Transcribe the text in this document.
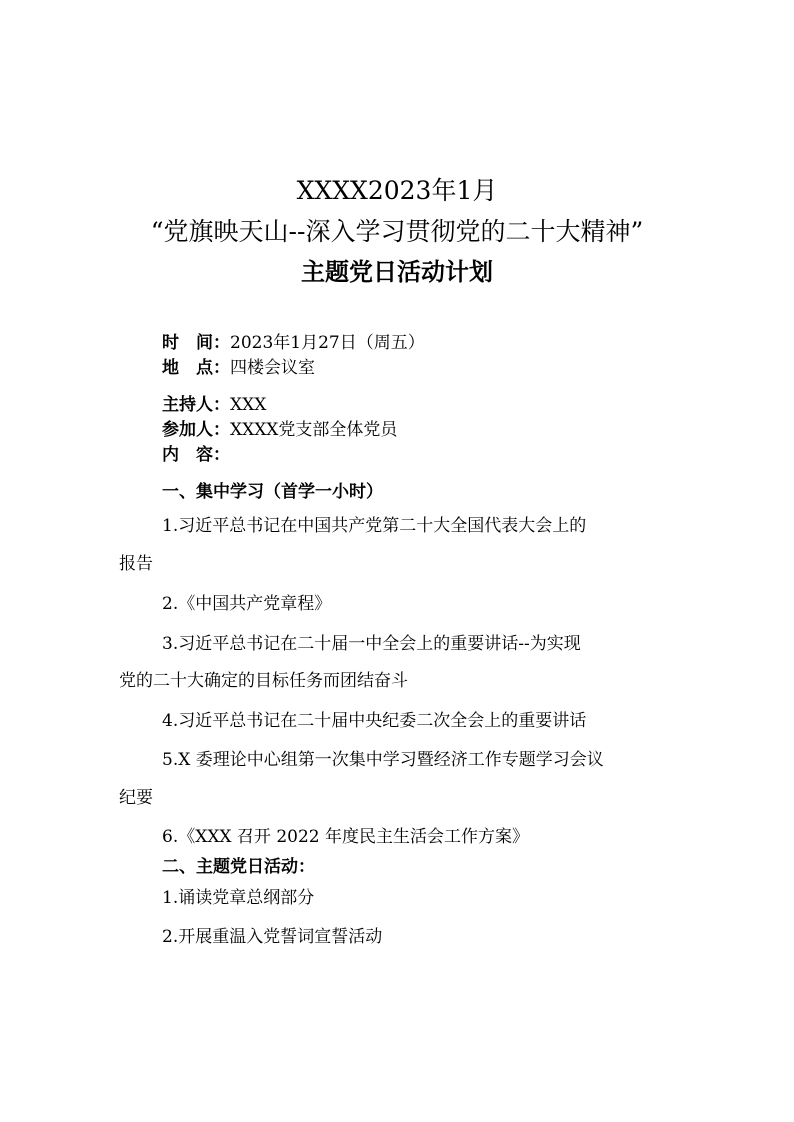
XXXX2023年1月
“党旗映天山--深入学习贯彻党的二十大精神”
主题党日活动计划
时　间：2023年1月27日（周五）
地　点：四楼会议室
主持人：XXX
参加人：XXXX党支部全体党员
内　容：
一、集中学习（首学一小时）
1.习近平总书记在中国共产党第二十大全国代表大会上的
报告
2.《中国共产党章程》
3.习近平总书记在二十届一中全会上的重要讲话--为实现
党的二十大确定的目标任务而团结奋斗
4.习近平总书记在二十届中央纪委二次全会上的重要讲话
5.X 委理论中心组第一次集中学习暨经济工作专题学习会议
纪要
6.《XXX 召开 2022 年度民主生活会工作方案》
二、主题党日活动：
1.诵读党章总纲部分
2.开展重温入党誓词宣誓活动
